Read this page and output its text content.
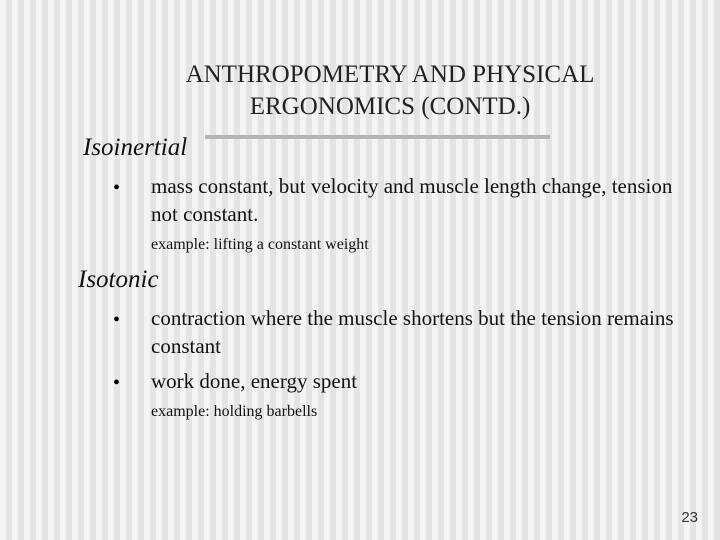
ANTHROPOMETRY AND PHYSICAL ERGONOMICS (CONTD.)
Isoinertial
• mass constant, but velocity and muscle length change, tension not constant.
example: lifting a constant weight
Isotonic
• contraction where the muscle shortens but the tension remains constant
• work done, energy spent
example: holding barbells
23
